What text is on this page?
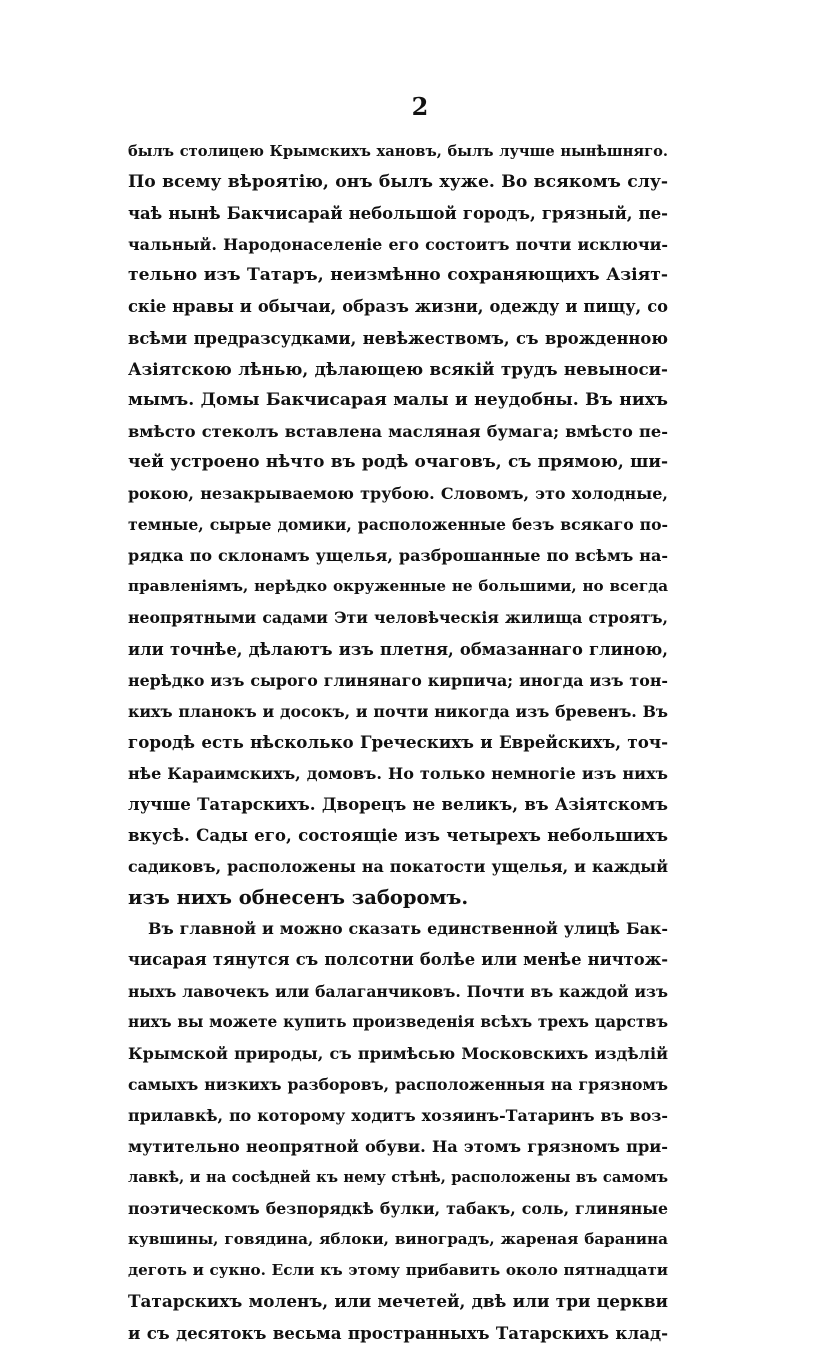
2
былъ столицею Крымскихъ хановъ, былъ лучше нынѣшняго.
По всему вѣроятію, онъ былъ хуже. Во всякомъ слу-
чаѣ нынѣ Бакчисарай небольшой городъ, грязный, пе-
чальный. Народонаселеніе его состоитъ почти исключи-
тельно изъ Татаръ, неизмѣнно сохраняющихъ Азіят-
скіе нравы и обычаи, образъ жизни, одежду и пищу, со
всѣми предразсудками, невѣжествомъ, съ врожденною
Азіятскою лѣнью, дѣлающею всякій трудъ невыноси-
мымъ. Домы Бакчисарая малы и неудобны. Въ нихъ
вмѣсто стеколъ вставлена масляная бумага; вмѣсто пе-
чей устроено нѣчто въ родѣ очаговъ, съ прямою, ши-
рокою, незакрываемою трубою. Словомъ, это холодные,
темные, сырые домики, расположенные безъ всякаго по-
рядка по склонамъ ущелья, разброшанные по всѣмъ на-
правленіямъ, нерѣдко окруженные не большими, но всегда
неопрятными садами Эти человѣческія жилища строятъ,
или точнѣе, дѣлаютъ изъ плетня, обмазаннаго глиною,
нерѣдко изъ сырого глинянаго кирпича; иногда изъ тон-
кихъ планокъ и досокъ, и почти никогда изъ бревенъ. Въ
городѣ есть нѣсколько Греческихъ и Еврейскихъ, точ-
нѣе Караимскихъ, домовъ. Но только немногіе изъ нихъ
лучше Татарскихъ. Дворецъ не великъ, въ Азіятскомъ
вкусѣ. Сады его, состоящіе изъ четырехъ небольшихъ
садиковъ, расположены на покатости ущелья, и каждый
изъ нихъ обнесенъ заборомъ.
Въ главной и можно сказать единственной улицѣ Бак-
чисарая тянутся съ полсотни болѣе или менѣе ничтож-
ныхъ лавочекъ или балаганчиковъ. Почти въ каждой изъ
нихъ вы можете купить произведенія всѣхъ трехъ царствъ
Крымской природы, съ примѣсью Московскихъ издѣлій
самыхъ низкихъ разборовъ, расположенныя на грязномъ
прилавкѣ, по которому ходитъ хозяинъ-Татаринъ въ воз-
мутительно неопрятной обуви. На этомъ грязномъ при-
лавкѣ, и на сосѣдней къ нему стѣнѣ, расположены въ самомъ
поэтическомъ безпорядкѣ булки, табакъ, соль, глиняные
кувшины, говядина, яблоки, виноградъ, жареная баранина
деготь и сукно. Если къ этому прибавить около пятнадцати
Татарскихъ моленъ, или мечетей, двѣ или три церкви
и съ десятокъ весьма пространныхъ Татарскихъ клад-
